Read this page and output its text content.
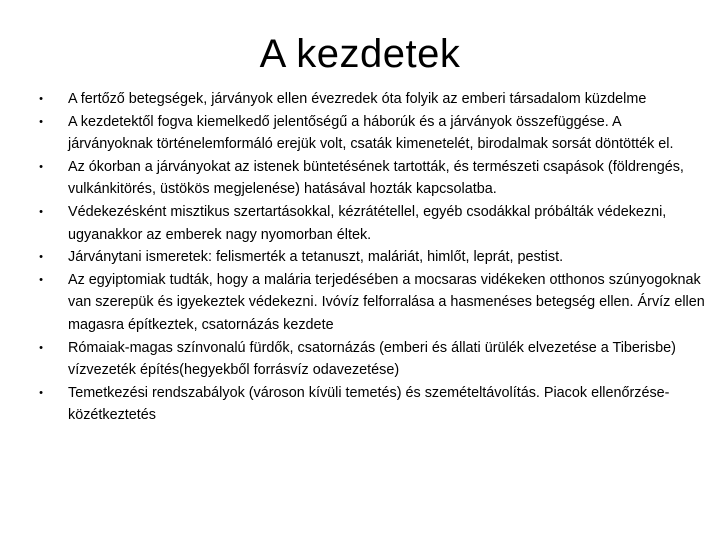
A kezdetek
• A fertőző betegségek, járványok ellen évezredek óta folyik az emberi társadalom küzdelme
• A kezdetektől fogva kiemelkedő jelentőségű a háborúk és a járványok összefüggése. A járványoknak történelemformáló erejük volt, csaták kimenetelét, birodalmak sorsát döntötték el.
• Az ókorban a járványokat az istenek büntetésének tartották, és természeti csapások (földrengés, vulkánkitörés, üstökös megjelenése) hatásával hozták kapcsolatba.
• Védekezésként misztikus szertartásokkal, kézrátétellel, egyéb csodákkal próbálták védekezni, ugyanakkor az emberek nagy nyomorban éltek.
• Járványtani ismeretek: felismerték a tetanuszt, maláriát, himlőt, leprát, pestist.
• Az egyiptomiak tudták, hogy a malária terjedésében a mocsaras vidékeken otthonos szúnyogoknak van szerepük és igyekeztek védekezni. Ivóvíz felforralása a hasmenéses betegség ellen. Árvíz ellen magasra építkeztek, csatornázás kezdete
• Rómaiak-magas színvonalú fürdők, csatornázás (emberi és állati ürülék elvezetése a Tiberisbe) vízvezeték építés(hegyekből forrásvíz odavezetése)
• Temetkezési rendszabályok (városon kívüli temetés) és szemételtávolítás. Piacok ellenőrzése-közétkeztetés
